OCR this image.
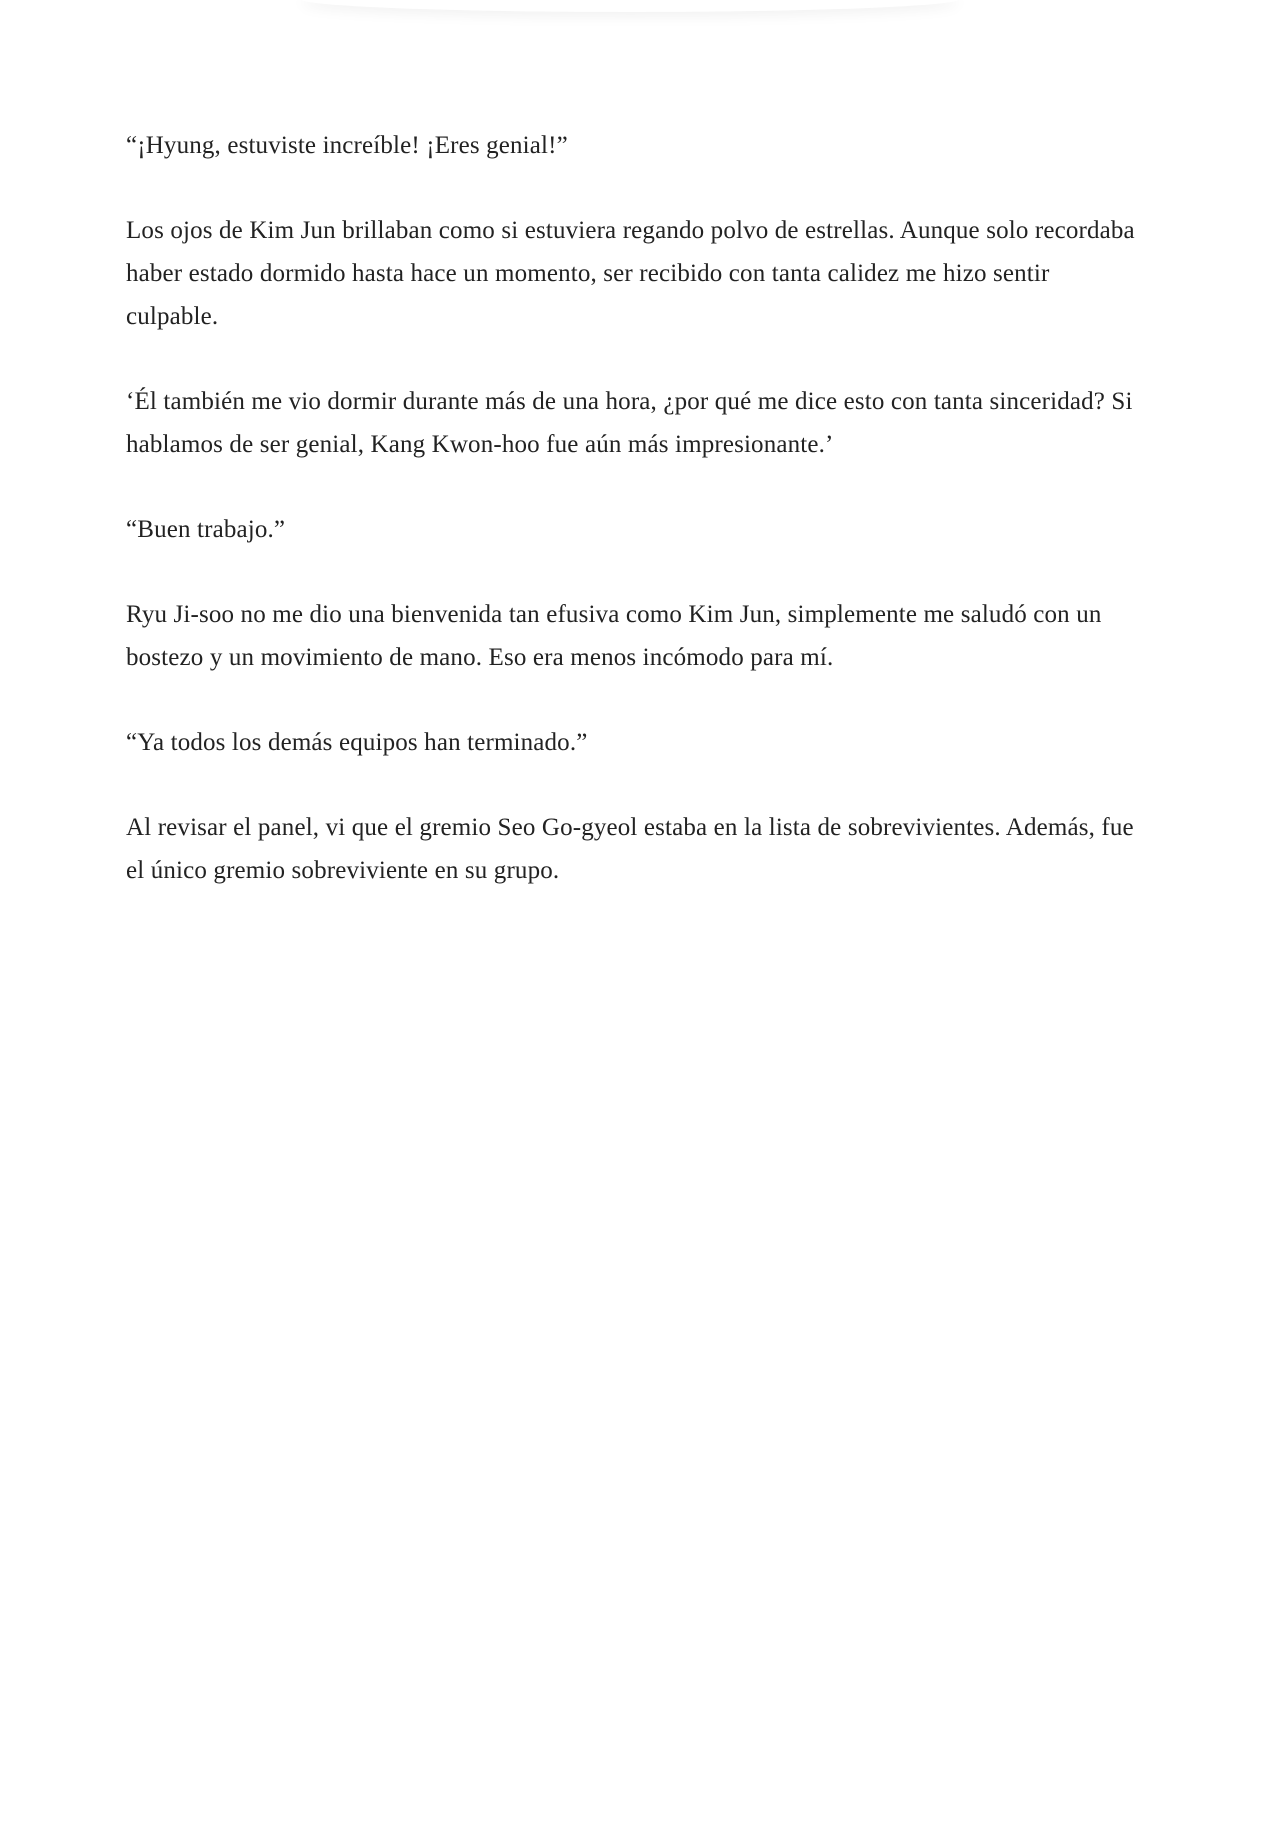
“¡Hyung, estuviste increíble! ¡Eres genial!”

Los ojos de Kim Jun brillaban como si estuviera regando polvo de estrellas. Aunque solo recordaba haber estado dormido hasta hace un momento, ser recibido con tanta calidez me hizo sentir culpable.

‘Él también me vio dormir durante más de una hora, ¿por qué me dice esto con tanta sinceridad? Si hablamos de ser genial, Kang Kwon-hoo fue aún más impresionante.’

“Buen trabajo.”

Ryu Ji-soo no me dio una bienvenida tan efusiva como Kim Jun, simplemente me saludó con un bostezo y un movimiento de mano. Eso era menos incómodo para mí.

“Ya todos los demás equipos han terminado.”

Al revisar el panel, vi que el gremio Seo Go-gyeol estaba en la lista de sobrevivientes. Además, fue el único gremio sobreviviente en su grupo.
